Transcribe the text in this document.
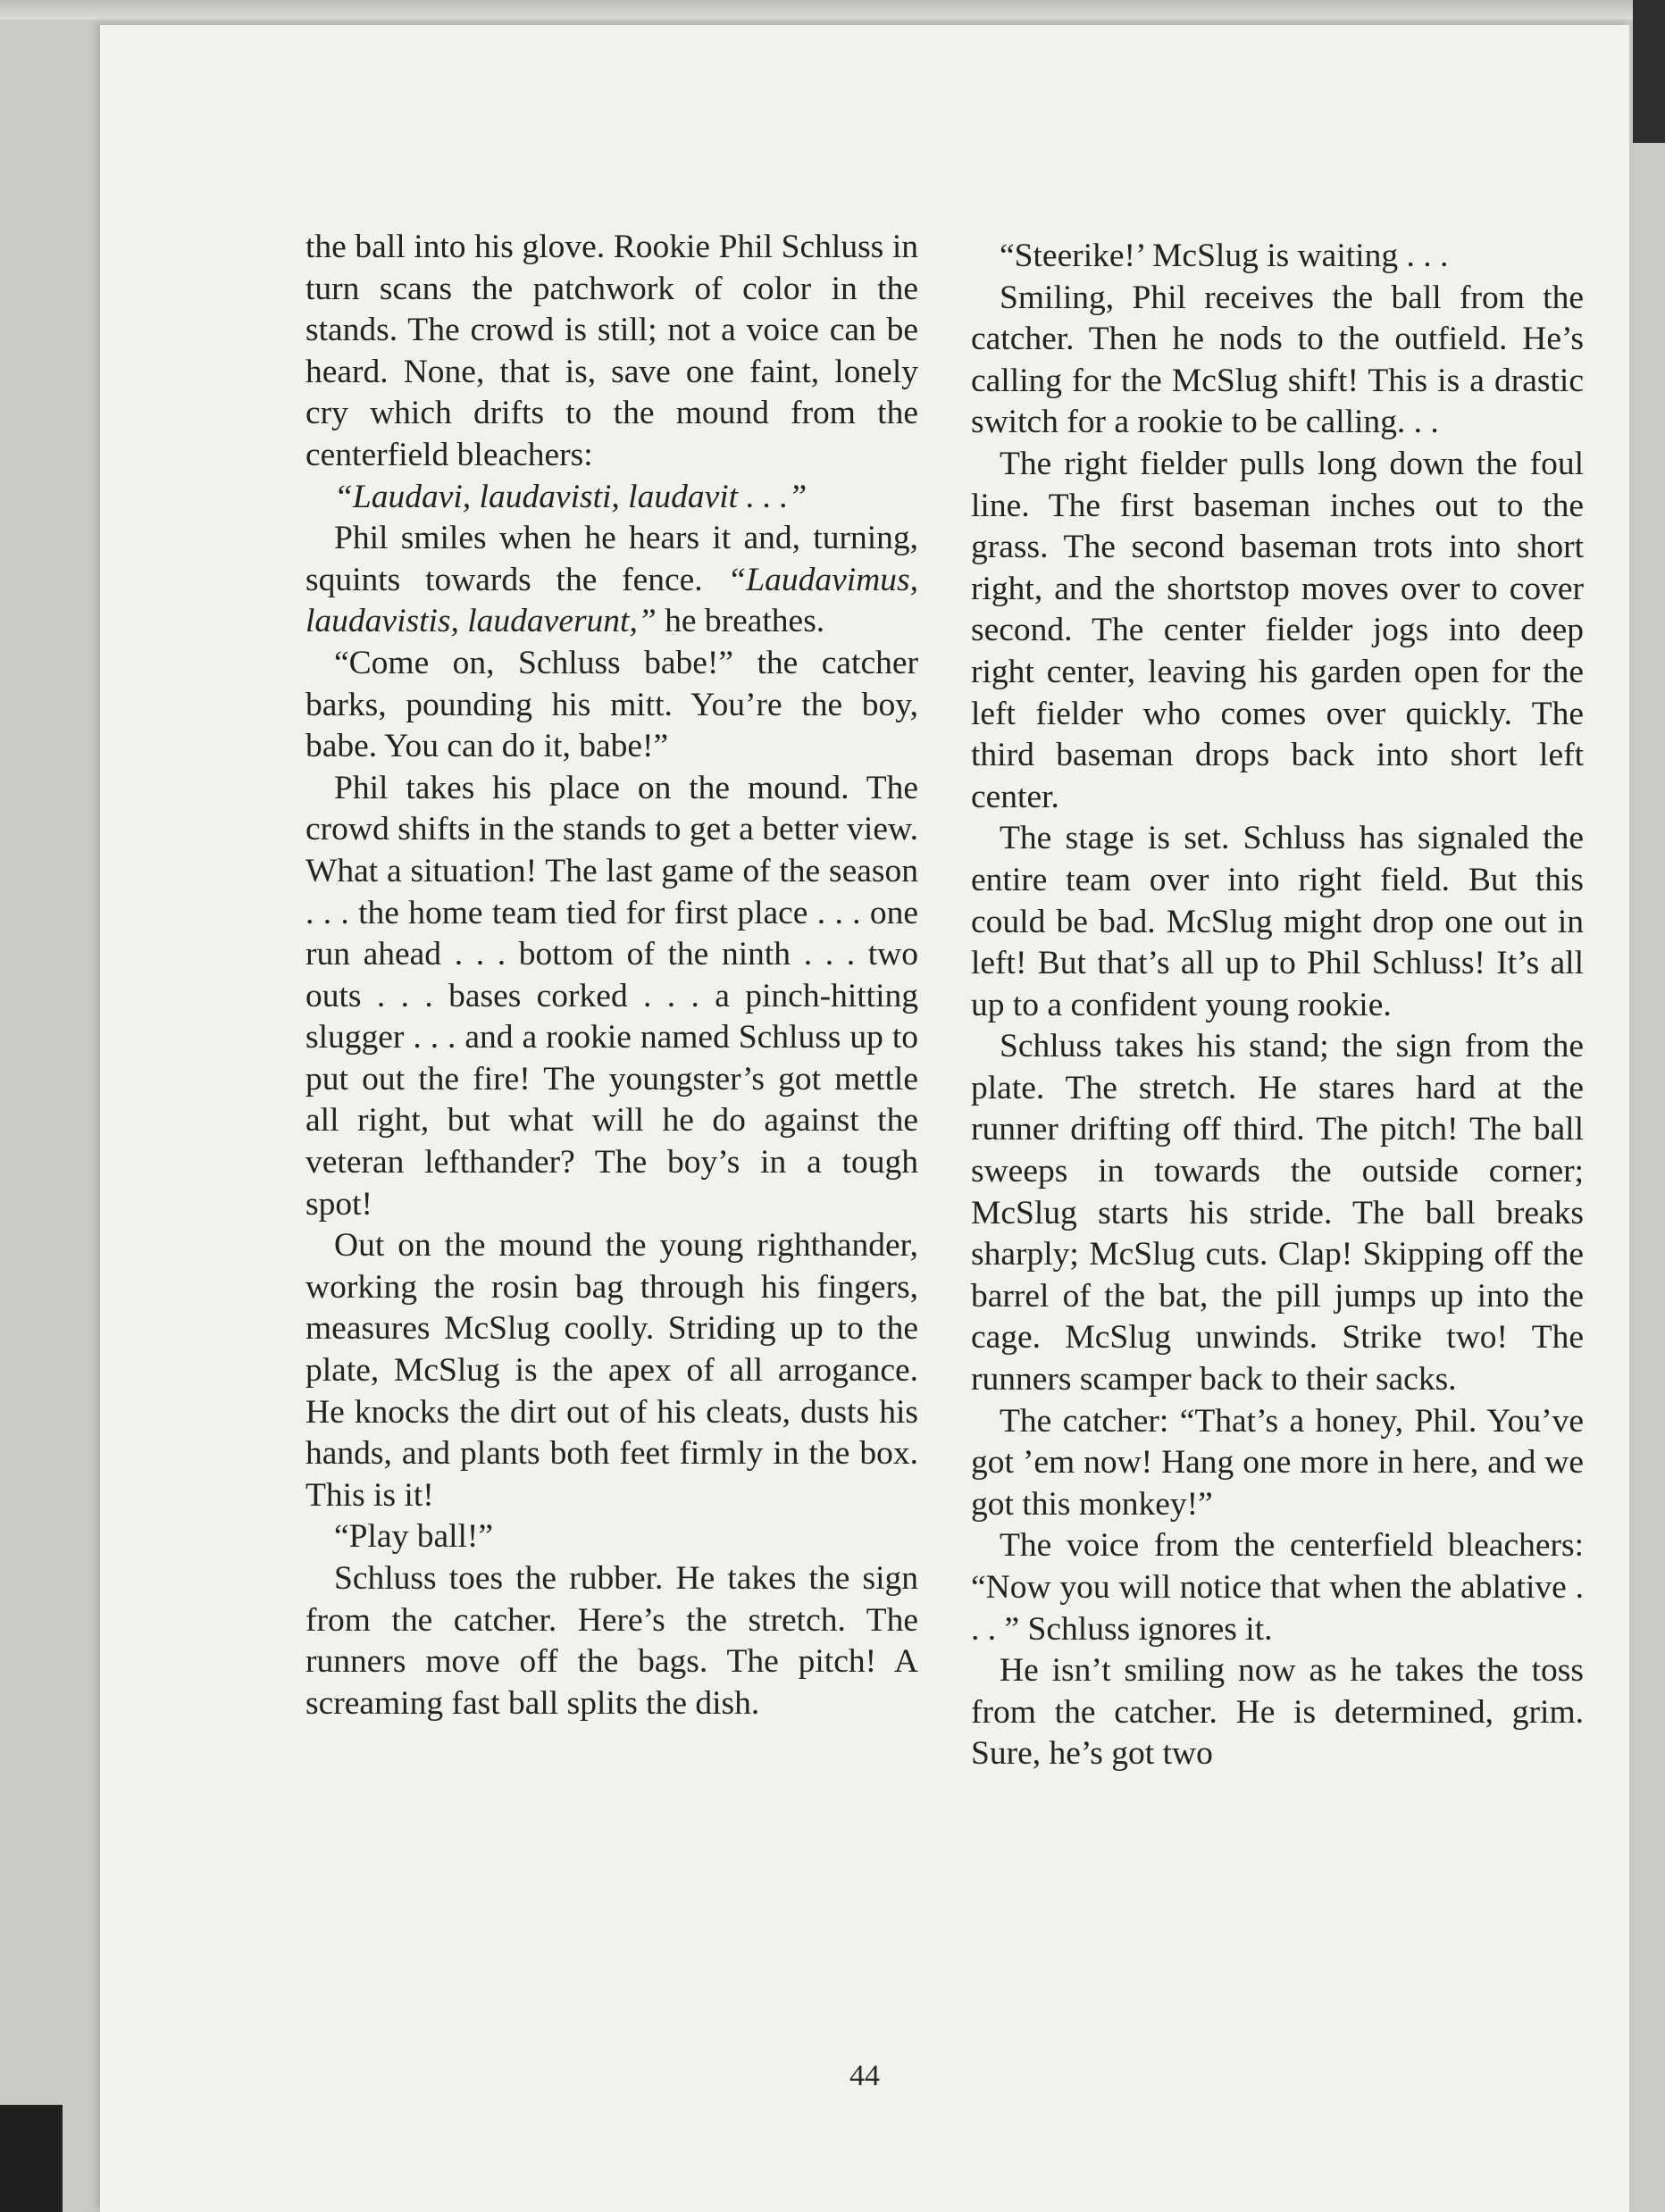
the ball into his glove. Rookie Phil Schluss in turn scans the patchwork of color in the stands. The crowd is still; not a voice can be heard. None, that is, save one faint, lonely cry which drifts to the mound from the centerfield bleachers:

“Laudavi, laudavisti, laudavit . . .”

Phil smiles when he hears it and, turning, squints towards the fence. “Laudavimus, laudavistis, laudaverunt,” he breathes.

“Come on, Schluss babe!” the catcher barks, pounding his mitt. You’re the boy, babe. You can do it, babe!”

Phil takes his place on the mound. The crowd shifts in the stands to get a better view. What a situation! The last game of the season . . . the home team tied for first place . . . one run ahead . . . bottom of the ninth . . . two outs . . . bases corked . . . a pinch-hitting slugger . . . and a rookie named Schluss up to put out the fire! The youngster’s got mettle all right, but what will he do against the veteran lefthander? The boy’s in a tough spot!

Out on the mound the young righthander, working the rosin bag through his fingers, measures McSlug coolly. Striding up to the plate, McSlug is the apex of all arrogance. He knocks the dirt out of his cleats, dusts his hands, and plants both feet firmly in the box. This is it!

“Play ball!”

Schluss toes the rubber. He takes the sign from the catcher. Here’s the stretch. The runners move off the bags. The pitch! A screaming fast ball splits the dish.

“Steerike!’ McSlug is waiting . . .

Smiling, Phil receives the ball from the catcher. Then he nods to the outfield. He’s calling for the McSlug shift! This is a drastic switch for a rookie to be calling. . .

The right fielder pulls long down the foul line. The first baseman inches out to the grass. The second baseman trots into short right, and the shortstop moves over to cover second. The center fielder jogs into deep right center, leaving his garden open for the left fielder who comes over quickly. The third baseman drops back into short left center.

The stage is set. Schluss has signaled the entire team over into right field. But this could be bad. McSlug might drop one out in left! But that’s all up to Phil Schluss! It’s all up to a confident young rookie.

Schluss takes his stand; the sign from the plate. The stretch. He stares hard at the runner drifting off third. The pitch! The ball sweeps in towards the outside corner; McSlug starts his stride. The ball breaks sharply; McSlug cuts. Clap! Skipping off the barrel of the bat, the pill jumps up into the cage. McSlug unwinds. Strike two! The runners scamper back to their sacks.

The catcher: “That’s a honey, Phil. You’ve got ’em now! Hang one more in here, and we got this monkey!”

The voice from the centerfield bleachers: “Now you will notice that when the ablative . . . ” Schluss ignores it.

He isn’t smiling now as he takes the toss from the catcher. He is determined, grim. Sure, he’s got two

44
